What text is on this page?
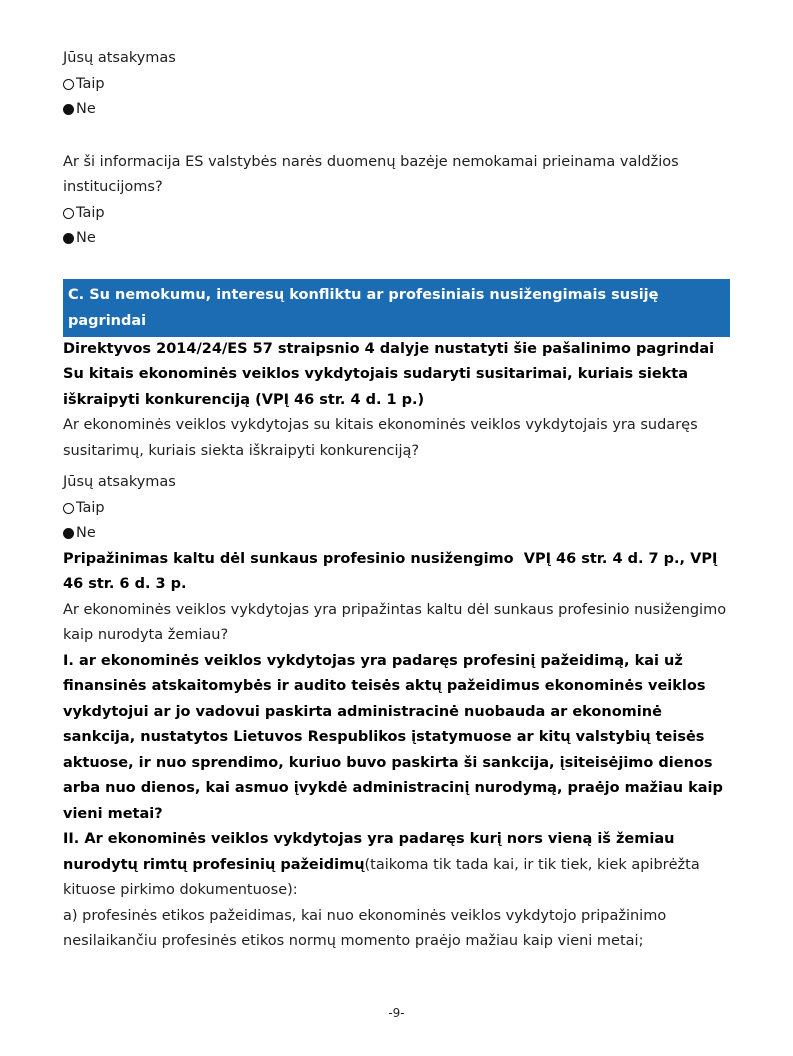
Jūsų atsakymas

Taip
Ne

Ar ši informacija ES valstybės narės duomenų bazėje nemokamai prieinama valdžios institucijoms?

Taip
Ne
C. Su nemokumu, interesų konfliktu ar profesiniais nusižengimais susiję pagrindai

Direktyvos 2014/24/ES 57 straipsnio 4 dalyje nustatyti šie pašalinimo pagrindai

Su kitais ekonominės veiklos vykdytojais sudaryti susitarimai, kuriais siekta iškraipyti konkurenciją (VPĮ 46 str. 4 d. 1 p.)

Ar ekonominės veiklos vykdytojas su kitais ekonominės veiklos vykdytojais yra sudaręs susitarimų, kuriais siekta iškraipyti konkurenciją?

Jūsų atsakymas

Taip
Ne

Pripažinimas kaltu dėl sunkaus profesinio nusižengimo  VPĮ 46 str. 4 d. 7 p., VPĮ 46 str. 6 d. 3 p.

Ar ekonominės veiklos vykdytojas yra pripažintas kaltu dėl sunkaus profesinio nusižengimo kaip nurodyta žemiau?

I. ar ekonominės veiklos vykdytojas yra padaręs profesinį pažeidimą, kai už finansinės atskaitomybės ir audito teisės aktų pažeidimus ekonominės veiklos vykdytojui ar jo vadovui paskirta administracinė nuobauda ar ekonominė sankcija, nustatytos Lietuvos Respublikos įstatymuose ar kitų valstybių teisės aktuose, ir nuo sprendimo, kuriuo buvo paskirta ši sankcija, įsiteisėjimo dienos arba nuo dienos, kai asmuo įvykdė administracinį nurodymą, praėjo mažiau kaip vieni metai?

II. Ar ekonominės veiklos vykdytojas yra padaręs kurį nors vieną iš žemiau nurodytų rimtų profesinių pažeidimų(taikoma tik tada kai, ir tik tiek, kiek apibrėžta kituose pirkimo dokumentuose):

a) profesinės etikos pažeidimas, kai nuo ekonominės veiklos vykdytojo pripažinimo nesilaikančiu profesinės etikos normų momento praėjo mažiau kaip vieni metai;

-9-
